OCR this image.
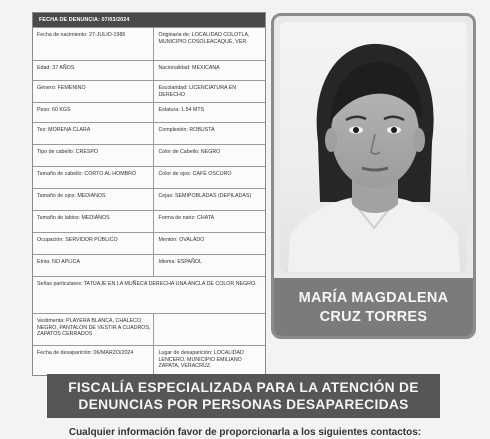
FECHA DE DENUNCIA: 07/03/2024
Fecha de nacimiento: 27-JULIO-1986	Originaria de: LOCALIDAD COLOTLA, MUNICIPIO COSOLEACAQUE, VER.
Edad: 37 AÑOS	Nacionalidad: MEXICANA
Género: FEMENINO	Escolaridad: LICENCIATURA EN DERECHO
Peso: 60 KGS	Estatura: 1.54 MTS
Tez: MORENA CLARA	Complexión: ROBUSTA
Tipo de cabello: CRESPO	Color de Cabello: NEGRO
Tamaño de cabello: CORTO AL HOMBRO	Color de ojos: CAFÉ OSCURO
Tamaño de ojos: MEDIANOS	Cejas: SEMIPOBLADAS (DEPILADAS)
Tamaño de labios: MEDIANOS	Forma de nariz: CHATA
Ocupación: SERVIDOR PÚBLICO	Mentón: OVALADO
Etnia: NO APLICA	Idioma: ESPAÑOL
Señas particulares: TATUAJE EN LA MUÑECA DERECHA UNA ANCLA DE COLOR NEGRO.
Vestimenta: PLAYERA BLANCA, CHALECO NEGRO, PANTALON DE VESTIR A CUADROS, ZAPATOS CERRADOS
Fecha de desaparición: 06/MARZO/2024	Lugar de desaparición: LOCALIDAD LENCERO, MUNICIPIO EMILIANO ZAPATA, VERACRUZ.
MARÍA MAGDALENA
CRUZ TORRES
FISCALÍA ESPECIALIZADA PARA LA ATENCIÓN DE
DENUNCIAS POR PERSONAS DESAPARECIDAS
Cualquier información favor de proporcionarla a los siguientes contactos:
